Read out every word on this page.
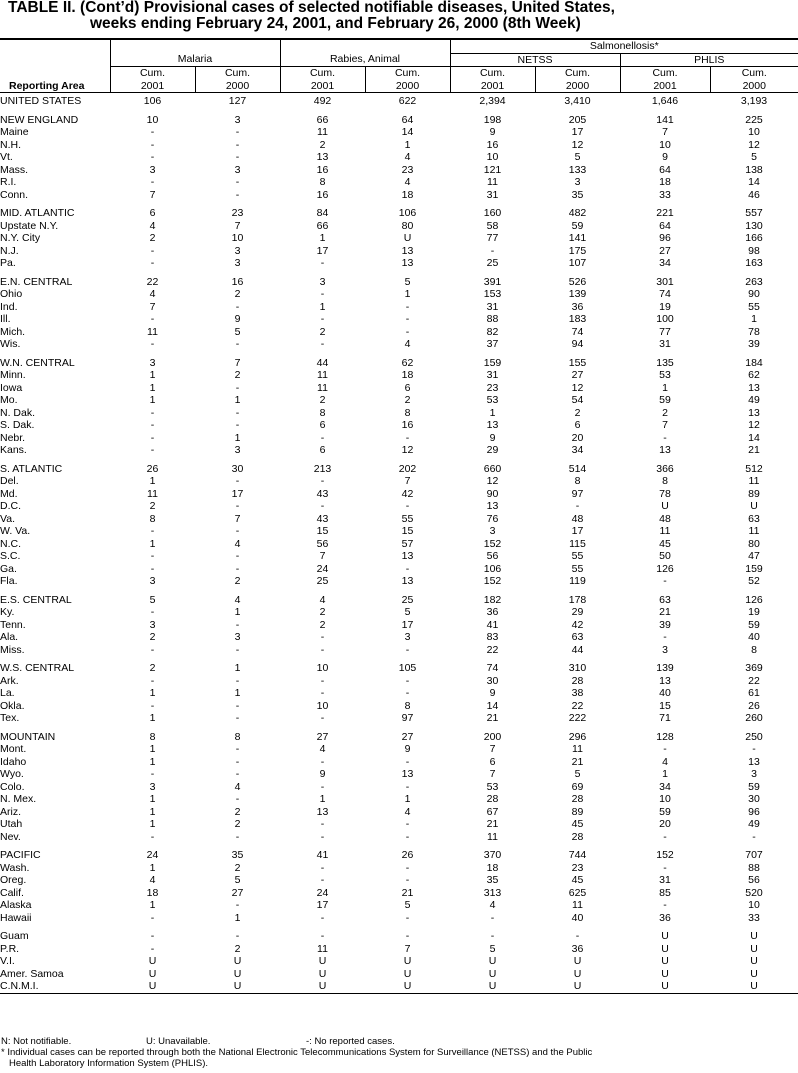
TABLE II. (Cont’d) Provisional cases of selected notifiable diseases, United States,
weeks ending February 24, 2001, and February 26, 2000 (8th Week)
					Salmonellosis*			
	Malaria		Rabies, Animal		NETSS		PHLIS	
	Cum.	Cum.	Cum.	Cum.	Cum.	Cum.	Cum.	Cum.
Reporting Area	2001	2000	2001	2000	2001	2000	2001	2000
UNITED STATES	106	127	492	622	2,394	3,410	1,646	3,193
NEW ENGLAND	10	3	66	64	198	205	141	225
Maine	-	-	11	14	9	17	7	10
N.H.	-	-	2	1	16	12	10	12
Vt.	-	-	13	4	10	5	9	5
Mass.	3	3	16	23	121	133	64	138
R.I.	-	-	8	4	11	3	18	14
Conn.	7	-	16	18	31	35	33	46
MID. ATLANTIC	6	23	84	106	160	482	221	557
Upstate N.Y.	4	7	66	80	58	59	64	130
N.Y. City	2	10	1	U	77	141	96	166
N.J.	-	3	17	13	-	175	27	98
Pa.	-	3	-	13	25	107	34	163
E.N. CENTRAL	22	16	3	5	391	526	301	263
Ohio	4	2	-	1	153	139	74	90
Ind.	7	-	1	-	31	36	19	55
Ill.	-	9	-	-	88	183	100	1
Mich.	11	5	2	-	82	74	77	78
Wis.	-	-	-	4	37	94	31	39
W.N. CENTRAL	3	7	44	62	159	155	135	184
Minn.	1	2	11	18	31	27	53	62
Iowa	1	-	11	6	23	12	1	13
Mo.	1	1	2	2	53	54	59	49
N. Dak.	-	-	8	8	1	2	2	13
S. Dak.	-	-	6	16	13	6	7	12
Nebr.	-	1	-	-	9	20	-	14
Kans.	-	3	6	12	29	34	13	21
S. ATLANTIC	26	30	213	202	660	514	366	512
Del.	1	-	-	7	12	8	8	11
Md.	11	17	43	42	90	97	78	89
D.C.	2	-	-	-	13	-	U	U
Va.	8	7	43	55	76	48	48	63
W. Va.	-	-	15	15	3	17	11	11
N.C.	1	4	56	57	152	115	45	80
S.C.	-	-	7	13	56	55	50	47
Ga.	-	-	24	-	106	55	126	159
Fla.	3	2	25	13	152	119	-	52
E.S. CENTRAL	5	4	4	25	182	178	63	126
Ky.	-	1	2	5	36	29	21	19
Tenn.	3	-	2	17	41	42	39	59
Ala.	2	3	-	3	83	63	-	40
Miss.	-	-	-	-	22	44	3	8
W.S. CENTRAL	2	1	10	105	74	310	139	369
Ark.	-	-	-	-	30	28	13	22
La.	1	1	-	-	9	38	40	61
Okla.	-	-	10	8	14	22	15	26
Tex.	1	-	-	97	21	222	71	260
MOUNTAIN	8	8	27	27	200	296	128	250
Mont.	1	-	4	9	7	11	-	-
Idaho	1	-	-	-	6	21	4	13
Wyo.	-	-	9	13	7	5	1	3
Colo.	3	4	-	-	53	69	34	59
N. Mex.	1	-	1	1	28	28	10	30
Ariz.	1	2	13	4	67	89	59	96
Utah	1	2	-	-	21	45	20	49
Nev.	-	-	-	-	11	28	-	-
PACIFIC	24	35	41	26	370	744	152	707
Wash.	1	2	-	-	18	23	-	88
Oreg.	4	5	-	-	35	45	31	56
Calif.	18	27	24	21	313	625	85	520
Alaska	1	-	17	5	4	11	-	10
Hawaii	-	1	-	-	-	40	36	33
Guam	-	-	-	-	-	-	U	U
P.R.	-	2	11	7	5	36	U	U
V.I.	U	U	U	U	U	U	U	U
Amer. Samoa	U	U	U	U	U	U	U	U
C.N.M.I.	U	U	U	U	U	U	U	U
N: Not notifiable.	U: Unavailable.	-: No reported cases.
* Individual cases can be reported through both the National Electronic Telecommunications System for Surveillance (NETSS) and the Public
Health Laboratory Information System (PHLIS).
